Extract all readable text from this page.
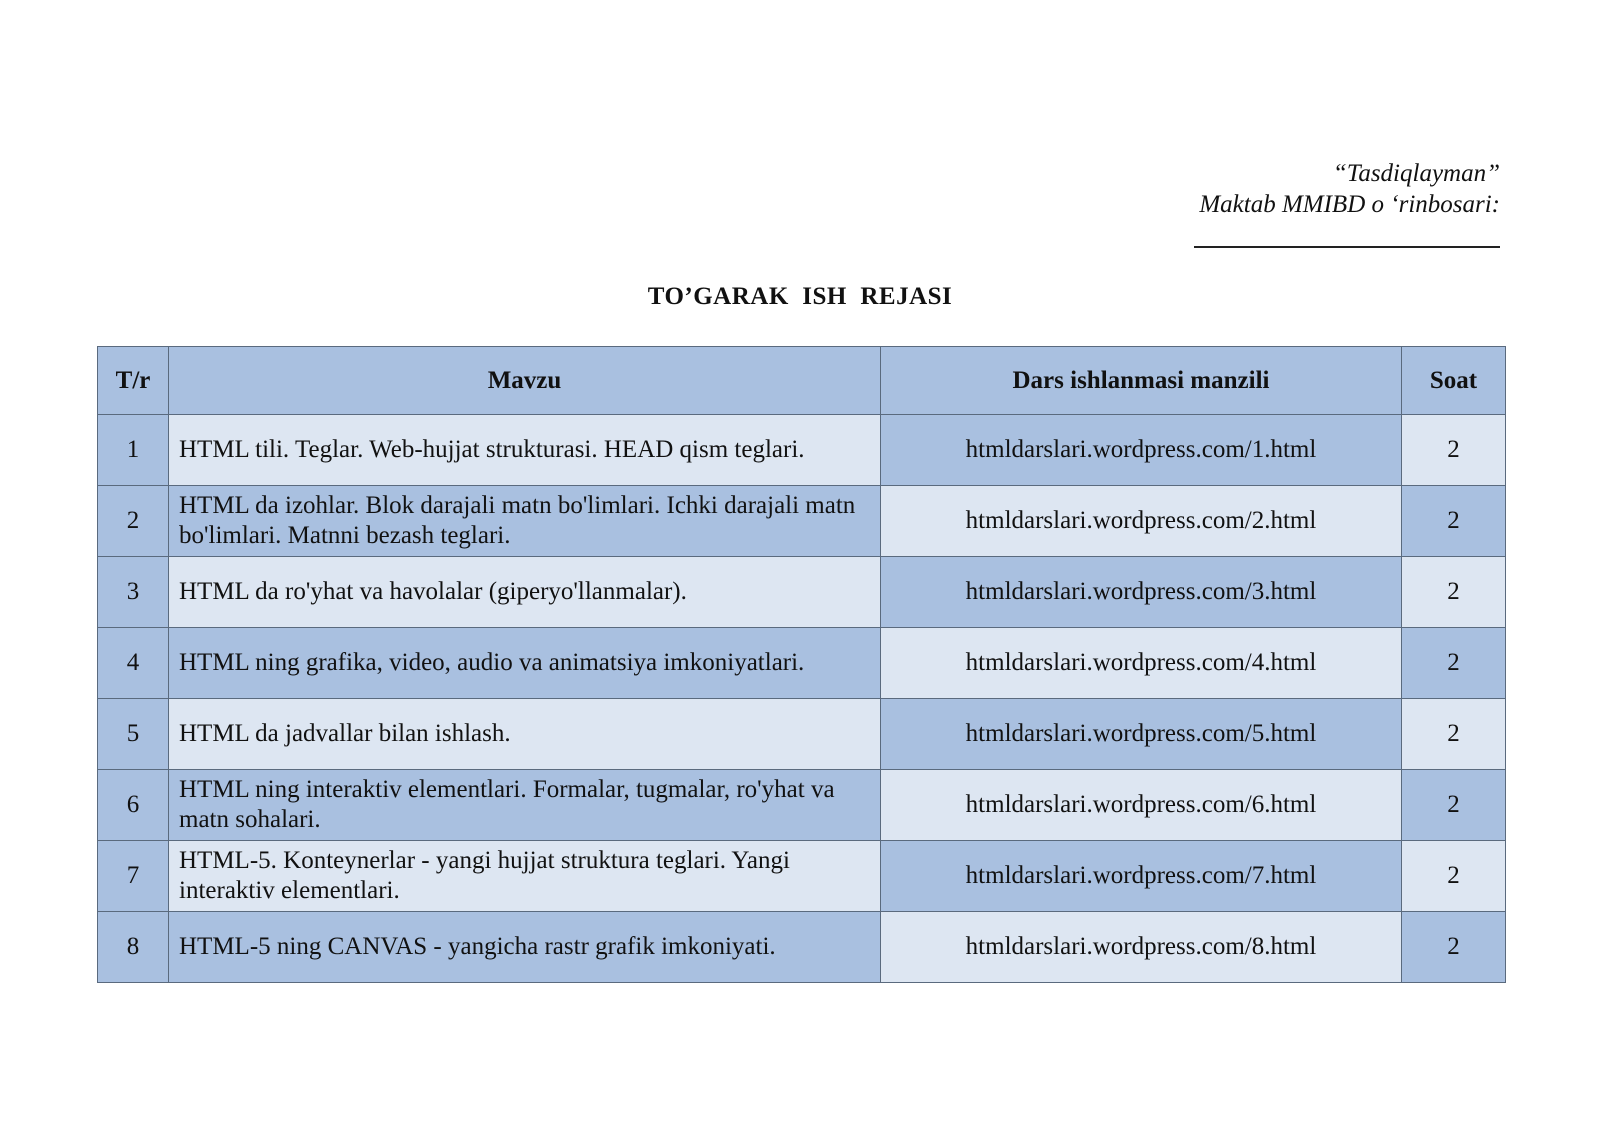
“Tasdiqlayman”
Maktab MMIBD o ‘rinbosari:
TO’GARAK  ISH  REJASI
T/r	Mavzu	Dars ishlanmasi manzili	Soat
1	HTML tili. Teglar. Web-hujjat strukturasi. HEAD qism teglari.	htmldarslari.wordpress.com/1.html	2
2	HTML da izohlar. Blok darajali matn bo'limlari. Ichki darajali matn bo'limlari. Matnni bezash teglari.	htmldarslari.wordpress.com/2.html	2
3	HTML da ro'yhat va havolalar (giperyo'llanmalar).	htmldarslari.wordpress.com/3.html	2
4	HTML ning grafika, video, audio va animatsiya imkoniyatlari.	htmldarslari.wordpress.com/4.html	2
5	HTML da jadvallar bilan ishlash.	htmldarslari.wordpress.com/5.html	2
6	HTML ning interaktiv elementlari. Formalar, tugmalar, ro'yhat va matn sohalari.	htmldarslari.wordpress.com/6.html	2
7	HTML-5. Konteynerlar - yangi hujjat struktura teglari. Yangi interaktiv elementlari.	htmldarslari.wordpress.com/7.html	2
8	HTML-5 ning CANVAS - yangicha rastr grafik imkoniyati.	htmldarslari.wordpress.com/8.html	2
